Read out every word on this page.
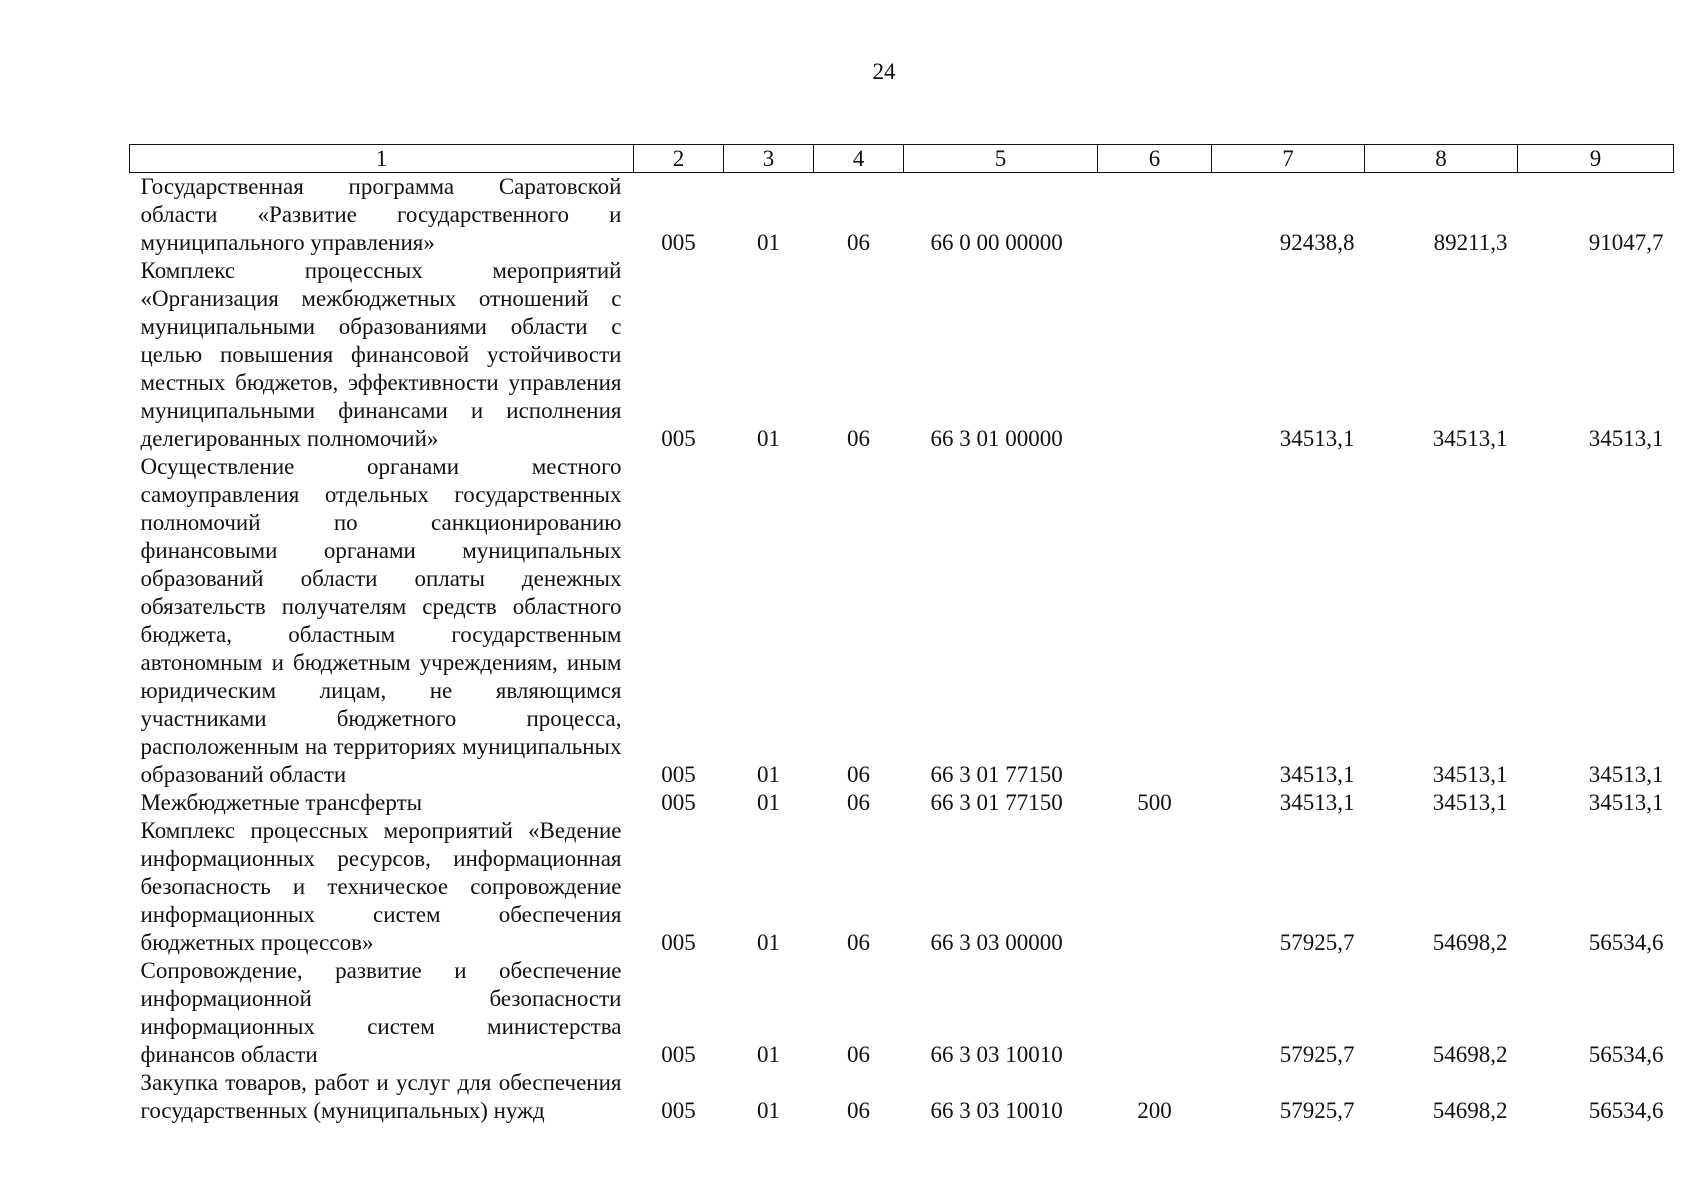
24
1	2	3	4	5	6	7	8	9
Государственная программа Саратовской области «Развитие государственного и муниципального управления»	005	01	06	66 0 00 00000		92438,8	89211,3	91047,7
Комплекс процессных мероприятий «Организация межбюджетных отношений с муниципальными образованиями области с целью повышения финансовой устойчивости местных бюджетов, эффективности управления муниципальными финансами и исполнения делегированных полномочий»	005	01	06	66 3 01 00000		34513,1	34513,1	34513,1
Осуществление органами местного самоуправления отдельных государственных полномочий по санкционированию финансовыми органами муниципальных образований области оплаты денежных обязательств получателям средств областного бюджета, областным государственным автономным и бюджетным учреждениям, иным юридическим лицам, не являющимся участниками бюджетного процесса, расположенным на территориях муниципальных образований области	005	01	06	66 3 01 77150		34513,1	34513,1	34513,1
Межбюджетные трансферты	005	01	06	66 3 01 77150	500	34513,1	34513,1	34513,1
Комплекс процессных мероприятий «Ведение информационных ресурсов, информационная безопасность и техническое сопровождение информационных систем обеспечения бюджетных процессов»	005	01	06	66 3 03 00000		57925,7	54698,2	56534,6
Сопровождение, развитие и обеспечение информационной безопасности информационных систем министерства финансов области	005	01	06	66 3 03 10010		57925,7	54698,2	56534,6
Закупка товаров, работ и услуг для обеспечения государственных (муниципальных) нужд	005	01	06	66 3 03 10010	200	57925,7	54698,2	56534,6
